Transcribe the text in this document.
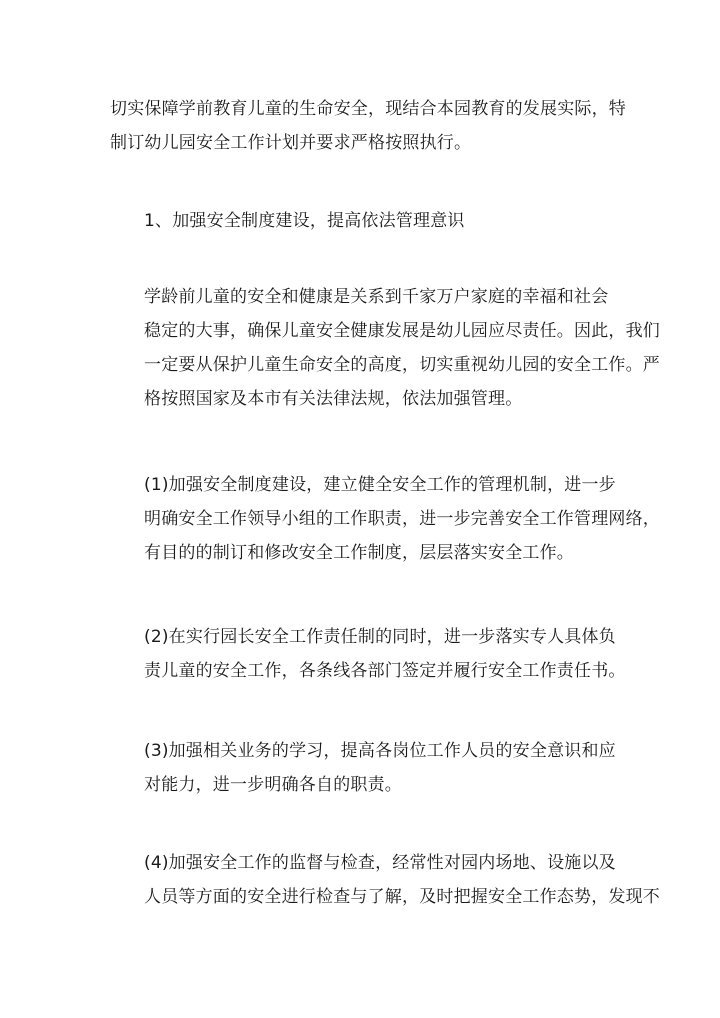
切实保障学前教育儿童的生命安全，现结合本园教育的发展实际，特
制订幼儿园安全工作计划并要求严格按照执行。

1、加强安全制度建设，提高依法管理意识

学龄前儿童的安全和健康是关系到千家万户家庭的幸福和社会
稳定的大事，确保儿童安全健康发展是幼儿园应尽责任。因此，我们
一定要从保护儿童生命安全的高度，切实重视幼儿园的安全工作。严
格按照国家及本市有关法律法规，依法加强管理。

(1)加强安全制度建设，建立健全安全工作的管理机制，进一步
明确安全工作领导小组的工作职责，进一步完善安全工作管理网络，
有目的的制订和修改安全工作制度，层层落实安全工作。

(2)在实行园长安全工作责任制的同时，进一步落实专人具体负
责儿童的安全工作，各条线各部门签定并履行安全工作责任书。

(3)加强相关业务的学习，提高各岗位工作人员的安全意识和应
对能力，进一步明确各自的职责。

(4)加强安全工作的监督与检查，经常性对园内场地、设施以及
人员等方面的安全进行检查与了解，及时把握安全工作态势，发现不
